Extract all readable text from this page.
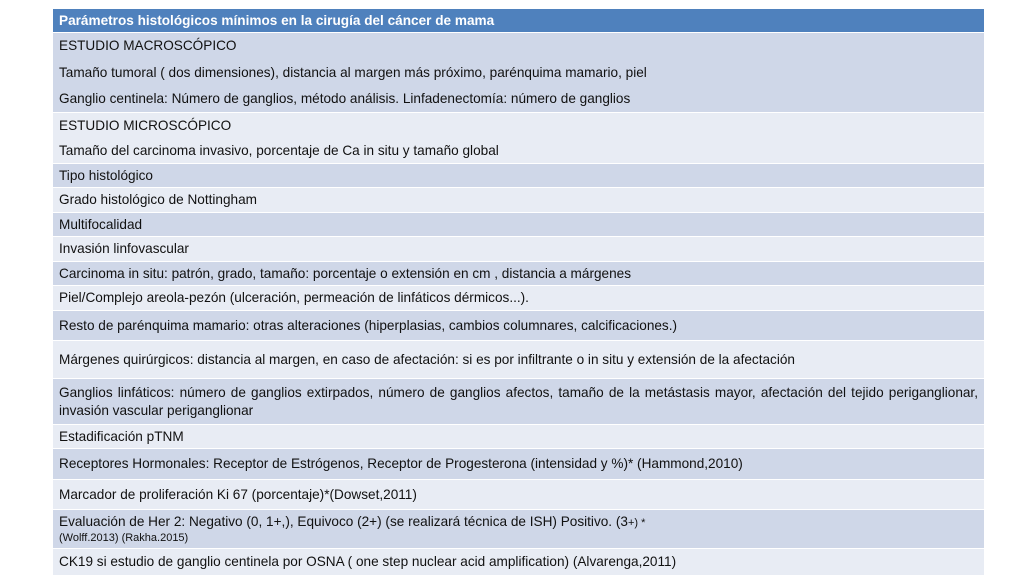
Parámetros histológicos mínimos en la cirugía del cáncer de mama
ESTUDIO MACROSCÓPICO
Tamaño tumoral ( dos dimensiones), distancia al margen más próximo, parénquima mamario, piel
Ganglio centinela: Número de ganglios, método análisis. Linfadenectomía: número de ganglios
ESTUDIO MICROSCÓPICO
Tamaño del carcinoma invasivo, porcentaje de Ca in situ y tamaño global
Tipo histológico
Grado histológico de Nottingham
Multifocalidad
Invasión linfovascular
Carcinoma in situ: patrón, grado, tamaño: porcentaje o extensión en cm , distancia a márgenes
Piel/Complejo areola-pezón (ulceración, permeación de linfáticos dérmicos...).
Resto de parénquima mamario: otras alteraciones (hiperplasias, cambios columnares, calcificaciones.)
Márgenes quirúrgicos: distancia al margen, en caso de afectación: si es por infiltrante o in situ y extensión de la afectación
Ganglios linfáticos: número de ganglios extirpados, número de ganglios afectos, tamaño de la metástasis mayor, afectación del tejido periganglionar, invasión vascular periganglionar
Estadificación pTNM
Receptores Hormonales: Receptor de Estrógenos, Receptor de Progesterona (intensidad y %)* (Hammond,2010)
Marcador de proliferación Ki 67 (porcentaje)*(Dowset,2011)
Evaluación de Her 2: Negativo (0, 1+,), Equivoco (2+) (se realizará técnica de ISH) Positivo. (3+) *
(Wolff.2013) (Rakha.2015)
CK19 si estudio de ganglio centinela por OSNA ( one step nuclear acid amplification) (Alvarenga,2011)
